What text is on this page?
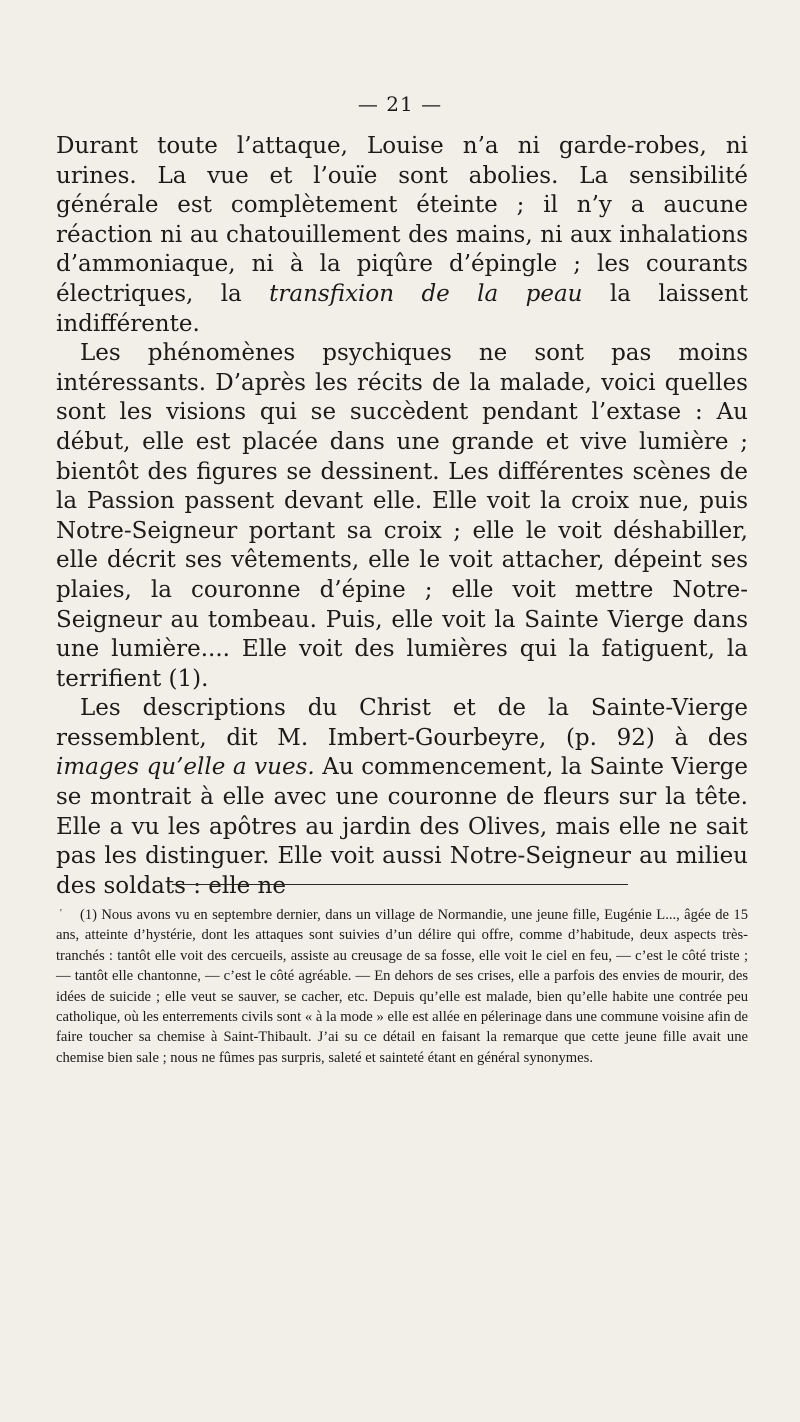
— 21 —

Durant toute l’attaque, Louise n’a ni garde-robes, ni urines. La vue et l’ouïe sont abolies. La sensibilité générale est complètement éteinte ; il n’y a aucune réaction ni au chatouillement des mains, ni aux inhalations d’ammoniaque, ni à la piqûre d’épingle ; les courants électriques, la transfixion de la peau la laissent indifférente.

Les phénomènes psychiques ne sont pas moins intéressants. D’après les récits de la malade, voici quelles sont les visions qui se succèdent pendant l’extase : Au début, elle est placée dans une grande et vive lumière ; bientôt des figures se dessinent. Les différentes scènes de la Passion passent devant elle. Elle voit la croix nue, puis Notre-Seigneur portant sa croix ; elle le voit déshabiller, elle décrit ses vêtements, elle le voit attacher, dépeint ses plaies, la couronne d’épine ; elle voit mettre Notre-Seigneur au tombeau. Puis, elle voit la Sainte Vierge dans une lumière.... Elle voit des lumières qui la fatiguent, la terrifient (1).

Les descriptions du Christ et de la Sainte-Vierge ressemblent, dit M. Imbert-Gourbeyre, (p. 92) à des images qu’elle a vues. Au commencement, la Sainte Vierge se montrait à elle avec une couronne de fleurs sur la tête. Elle a vu les apôtres au jardin des Olives, mais elle ne sait pas les distinguer. Elle voit aussi Notre-Seigneur au milieu des soldats : elle ne

'	(1) Nous avons vu en septembre dernier, dans un village de Normandie, une jeune fille, Eugénie L..., âgée de 15 ans, atteinte d’hystérie, dont les attaques sont suivies d’un délire qui offre, comme d’habitude, deux aspects très-tranchés : tantôt elle voit des cercueils, assiste au creusage de sa fosse, elle voit le ciel en feu, — c’est le côté triste ; — tantôt elle chantonne, — c’est le côté agréable. — En dehors de ses crises, elle a parfois des envies de mourir, des idées de suicide ; elle veut se sauver, se cacher, etc. Depuis qu’elle est malade, bien qu’elle habite une contrée peu catholique, où les enterrements civils sont « à la mode » elle est allée en pélerinage dans une commune voisine afin de faire toucher sa chemise à Saint-Thibault. J’ai su ce détail en faisant la remarque que cette jeune fille avait une chemise bien sale ; nous ne fûmes pas surpris, saleté et sainteté étant en général synonymes.
